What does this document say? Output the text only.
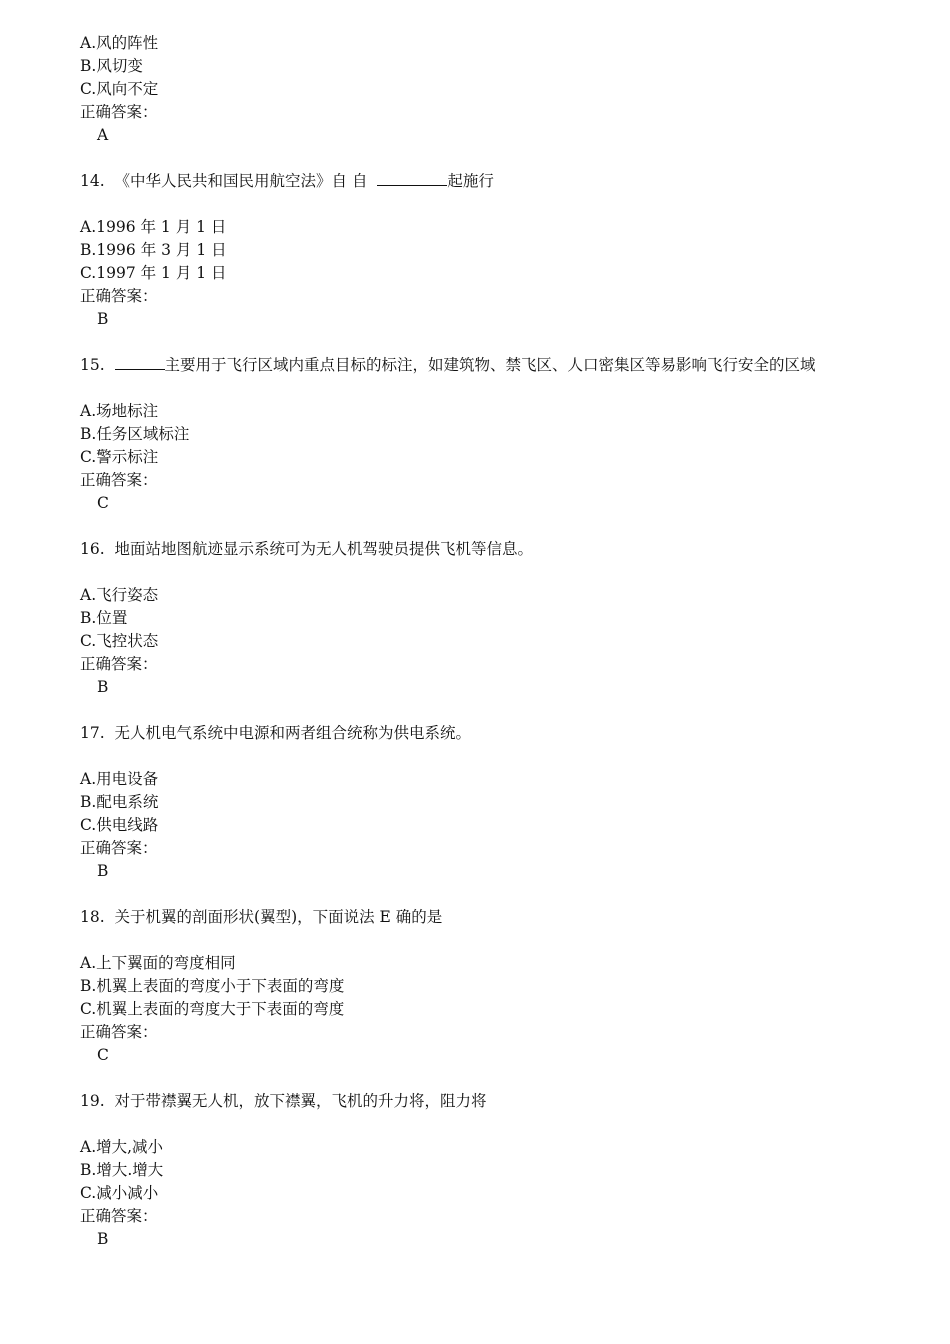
A.风的阵性
B.风切变
C.风向不定
正确答案：
A
14. 《中华人民共和国民用航空法》自 自	起施行
A.1996 年 1 月 1 日
B.1996 年 3 月 1 日
C.1997 年 1 月 1 日
正确答案：
B
15.	主要用于飞行区域内重点目标的标注，如建筑物、禁飞区、人口密集区等易影响飞行安全的区域
A.场地标注
B.任务区域标注
C.警示标注
正确答案：
C
16. 地面站地图航迹显示系统可为无人机驾驶员提供飞机等信息。
A.飞行姿态
B.位置
C.飞控状态
正确答案：
B
17. 无人机电气系统中电源和两者组合统称为供电系统。
A.用电设备
B.配电系统
C.供电线路
正确答案：
B
18. 关于机翼的剖面形状(翼型)，下面说法 E 确的是
A.上下翼面的弯度相同
B.机翼上表面的弯度小于下表面的弯度
C.机翼上表面的弯度大于下表面的弯度
正确答案：
C
19. 对于带襟翼无人机，放下襟翼，飞机的升力将，阻力将
A.增大,减小
B.增大.增大
C.减小减小
正确答案：
B
